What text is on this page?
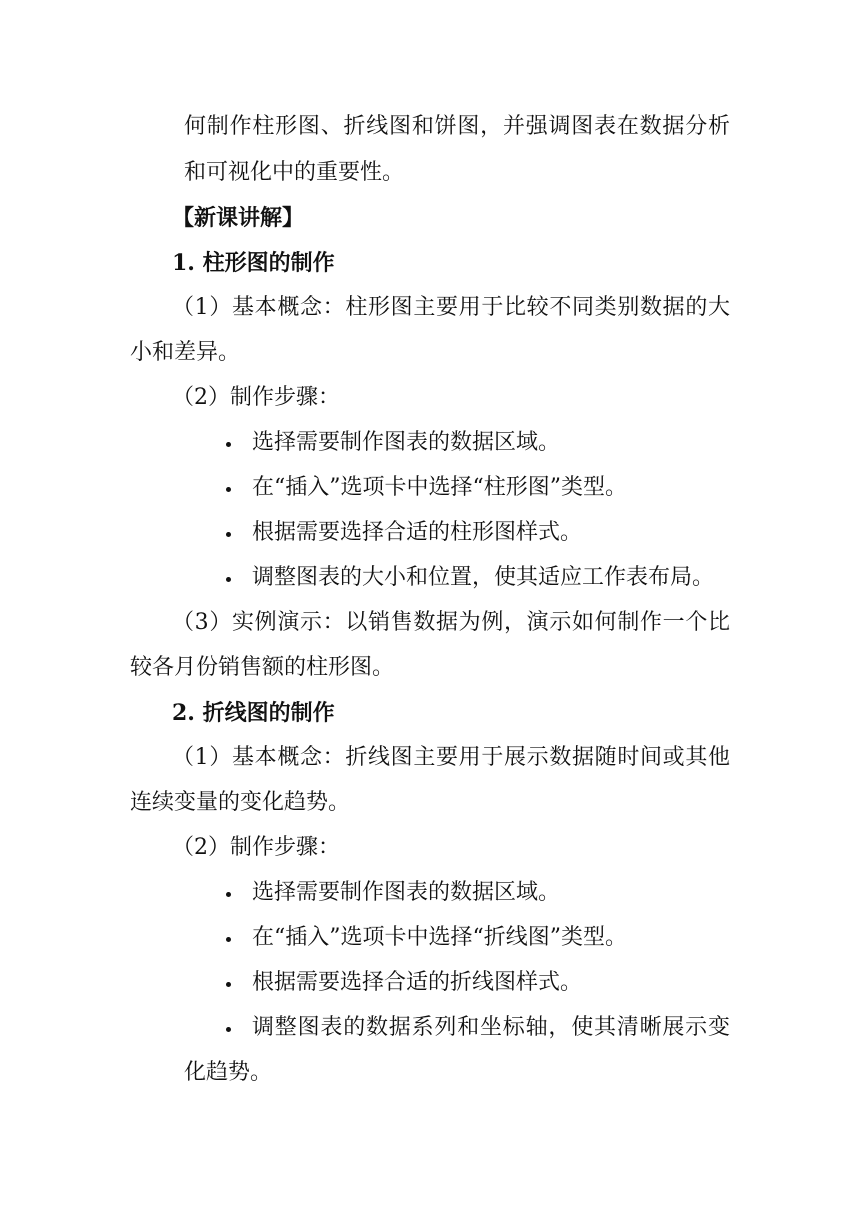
何制作柱形图、折线图和饼图，并强调图表在数据分析
和可视化中的重要性。
【新课讲解】
1. 柱形图的制作
（1）基本概念：柱形图主要用于比较不同类别数据的大
小和差异。
（2）制作步骤：
选择需要制作图表的数据区域。
在“插入”选项卡中选择“柱形图”类型。
根据需要选择合适的柱形图样式。
调整图表的大小和位置，使其适应工作表布局。
（3）实例演示：以销售数据为例，演示如何制作一个比
较各月份销售额的柱形图。
2. 折线图的制作
（1）基本概念：折线图主要用于展示数据随时间或其他
连续变量的变化趋势。
（2）制作步骤：
选择需要制作图表的数据区域。
在“插入”选项卡中选择“折线图”类型。
根据需要选择合适的折线图样式。
调整图表的数据系列和坐标轴，使其清晰展示变
化趋势。
